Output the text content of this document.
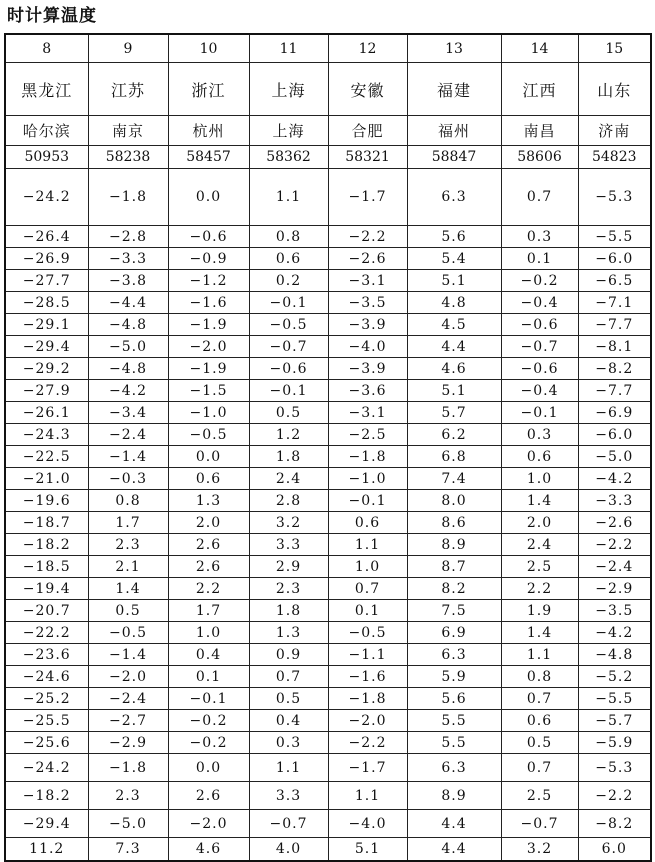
时计算温度
8	9	10	11	12	13	14	15
黑龙江	江苏	浙江	上海	安徽	福建	江西	山东
哈尔滨	南京	杭州	上海	合肥	福州	南昌	济南
50953	58238	58457	58362	58321	58847	58606	54823
−24.2	−1.8	0.0	1.1	−1.7	6.3	0.7	−5.3
−26.4	−2.8	−0.6	0.8	−2.2	5.6	0.3	−5.5
−26.9	−3.3	−0.9	0.6	−2.6	5.4	0.1	−6.0
−27.7	−3.8	−1.2	0.2	−3.1	5.1	−0.2	−6.5
−28.5	−4.4	−1.6	−0.1	−3.5	4.8	−0.4	−7.1
−29.1	−4.8	−1.9	−0.5	−3.9	4.5	−0.6	−7.7
−29.4	−5.0	−2.0	−0.7	−4.0	4.4	−0.7	−8.1
−29.2	−4.8	−1.9	−0.6	−3.9	4.6	−0.6	−8.2
−27.9	−4.2	−1.5	−0.1	−3.6	5.1	−0.4	−7.7
−26.1	−3.4	−1.0	0.5	−3.1	5.7	−0.1	−6.9
−24.3	−2.4	−0.5	1.2	−2.5	6.2	0.3	−6.0
−22.5	−1.4	0.0	1.8	−1.8	6.8	0.6	−5.0
−21.0	−0.3	0.6	2.4	−1.0	7.4	1.0	−4.2
−19.6	0.8	1.3	2.8	−0.1	8.0	1.4	−3.3
−18.7	1.7	2.0	3.2	0.6	8.6	2.0	−2.6
−18.2	2.3	2.6	3.3	1.1	8.9	2.4	−2.2
−18.5	2.1	2.6	2.9	1.0	8.7	2.5	−2.4
−19.4	1.4	2.2	2.3	0.7	8.2	2.2	−2.9
−20.7	0.5	1.7	1.8	0.1	7.5	1.9	−3.5
−22.2	−0.5	1.0	1.3	−0.5	6.9	1.4	−4.2
−23.6	−1.4	0.4	0.9	−1.1	6.3	1.1	−4.8
−24.6	−2.0	0.1	0.7	−1.6	5.9	0.8	−5.2
−25.2	−2.4	−0.1	0.5	−1.8	5.6	0.7	−5.5
−25.5	−2.7	−0.2	0.4	−2.0	5.5	0.6	−5.7
−25.6	−2.9	−0.2	0.3	−2.2	5.5	0.5	−5.9
−24.2	−1.8	0.0	1.1	−1.7	6.3	0.7	−5.3
−18.2	2.3	2.6	3.3	1.1	8.9	2.5	−2.2
−29.4	−5.0	−2.0	−0.7	−4.0	4.4	−0.7	−8.2
11.2	7.3	4.6	4.0	5.1	4.4	3.2	6.0
